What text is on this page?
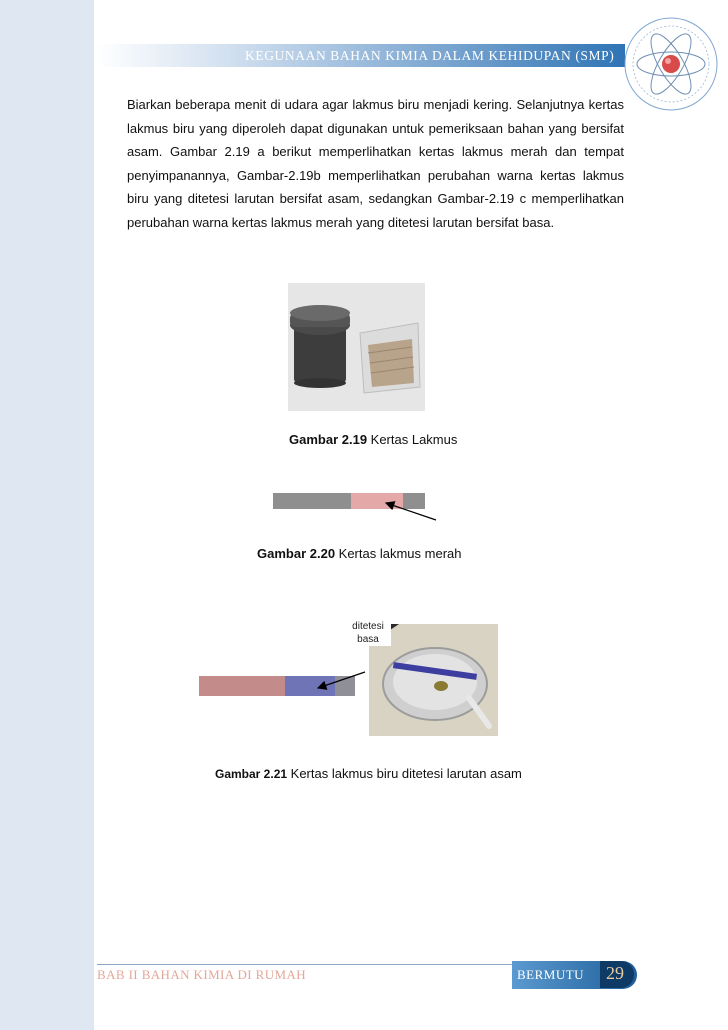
KEGUNAAN BAHAN KIMIA DALAM KEHIDUPAN (SMP)
Biarkan beberapa menit di udara agar lakmus biru menjadi kering. Selanjutnya kertas lakmus biru yang diperoleh dapat digunakan untuk pemeriksaan bahan yang bersifat asam. Gambar 2.19 a berikut memperlihatkan kertas lakmus merah dan tempat penyimpanannya, Gambar-2.19b memperlihatkan perubahan warna kertas lakmus biru yang ditetesi larutan bersifat asam, sedangkan Gambar-2.19 c memperlihatkan perubahan warna kertas lakmus merah yang ditetesi larutan bersifat basa.
Gambar 2.19 Kertas Lakmus
Gambar 2.20 Kertas lakmus merah
ditetesi
basa
Gambar 2.21 Kertas lakmus biru ditetesi larutan asam
BAB II BAHAN KIMIA DI RUMAH	BERMUTU 29
